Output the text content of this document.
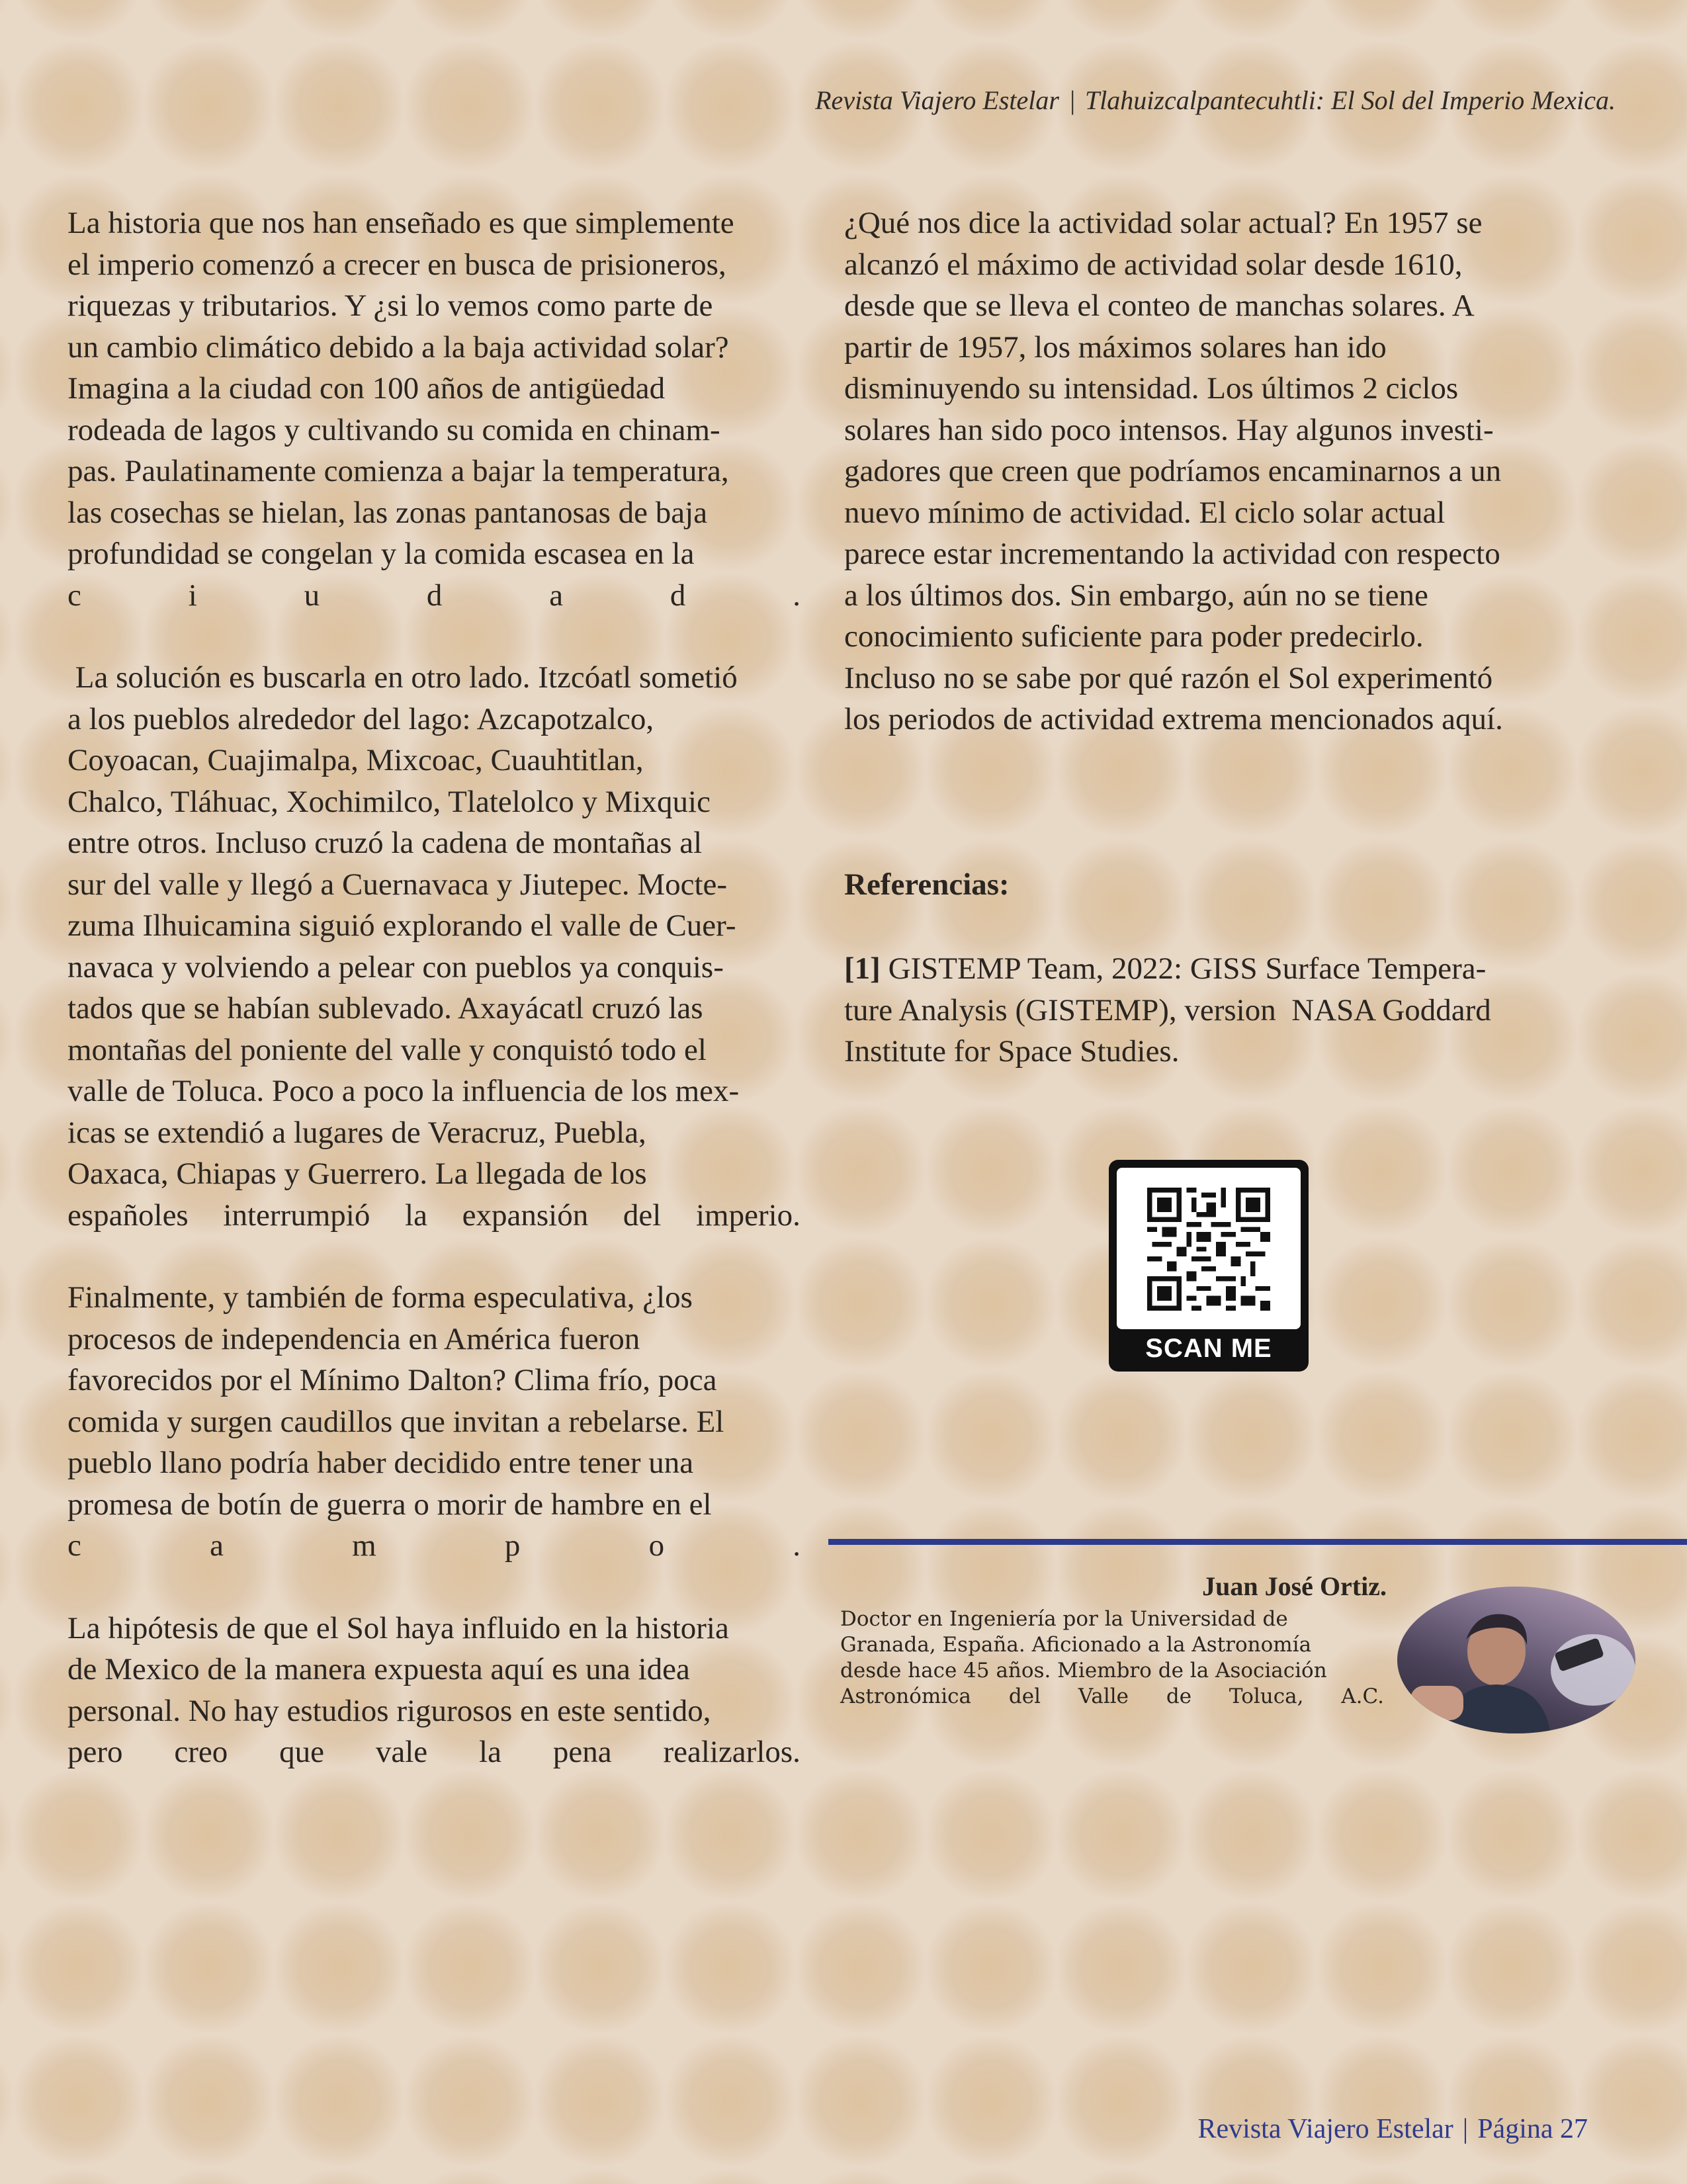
Revista Viajero Estelar | Tlahuizcalpantecuhtli: El Sol del Imperio Mexica.
La historia que nos han enseñado es que simplemente
el imperio comenzó a crecer en busca de prisioneros,
riquezas y tributarios. Y ¿si lo vemos como parte de
un cambio climático debido a la baja actividad solar?
Imagina a la ciudad con 100 años de antigüedad
rodeada de lagos y cultivando su comida en chinam-
pas. Paulatinamente comienza a bajar la temperatura,
las cosechas se hielan, las zonas pantanosas de baja
profundidad se congelan y la comida escasea en la
c	i	u	d	a	d	.
La solución es buscarla en otro lado. Itzcóatl sometió
a los pueblos alrededor del lago: Azcapotzalco,
Coyoacan, Cuajimalpa, Mixcoac, Cuauhtitlan,
Chalco, Tláhuac, Xochimilco, Tlatelolco y Mixquic
entre otros. Incluso cruzó la cadena de montañas al
sur del valle y llegó a Cuernavaca y Jiutepec. Mocte-
zuma Ilhuicamina siguió explorando el valle de Cuer-
navaca y volviendo a pelear con pueblos ya conquis-
tados que se habían sublevado. Axayácatl cruzó las
montañas del poniente del valle y conquistó todo el
valle de Toluca. Poco a poco la influencia de los mex-
icas se extendió a lugares de Veracruz, Puebla,
Oaxaca, Chiapas y Guerrero. La llegada de los
españoles interrumpió la expansión del imperio.
Finalmente, y también de forma especulativa, ¿los
procesos de independencia en América fueron
favorecidos por el Mínimo Dalton? Clima frío, poca
comida y surgen caudillos que invitan a rebelarse. El
pueblo llano podría haber decidido entre tener una
promesa de botín de guerra o morir de hambre en el
c	a	m	p	o	.
La hipótesis de que el Sol haya influido en la historia
de Mexico de la manera expuesta aquí es una idea
personal. No hay estudios rigurosos en este sentido,
pero creo que vale la pena realizarlos.
¿Qué nos dice la actividad solar actual? En 1957 se
alcanzó el máximo de actividad solar desde 1610,
desde que se lleva el conteo de manchas solares. A
partir de 1957, los máximos solares han ido
disminuyendo su intensidad. Los últimos 2 ciclos
solares han sido poco intensos. Hay algunos investi-
gadores que creen que podríamos encaminarnos a un
nuevo mínimo de actividad. El ciclo solar actual
parece estar incrementando la actividad con respecto
a los últimos dos. Sin embargo, aún no se tiene
conocimiento suficiente para poder predecirlo.
Incluso no se sabe por qué razón el Sol experimentó
los periodos de actividad extrema mencionados aquí.
Referencias:
[1] GISTEMP Team, 2022: GISS Surface Tempera-
ture Analysis (GISTEMP), version  NASA Goddard
Institute for Space Studies.
SCAN ME
Juan José Ortiz.
Doctor en Ingeniería por la Universidad de
Granada, España. Aficionado a la Astronomía
desde hace 45 años. Miembro de la Asociación
Astronómica del Valle de Toluca, A.C.
Revista Viajero Estelar | Página 27
